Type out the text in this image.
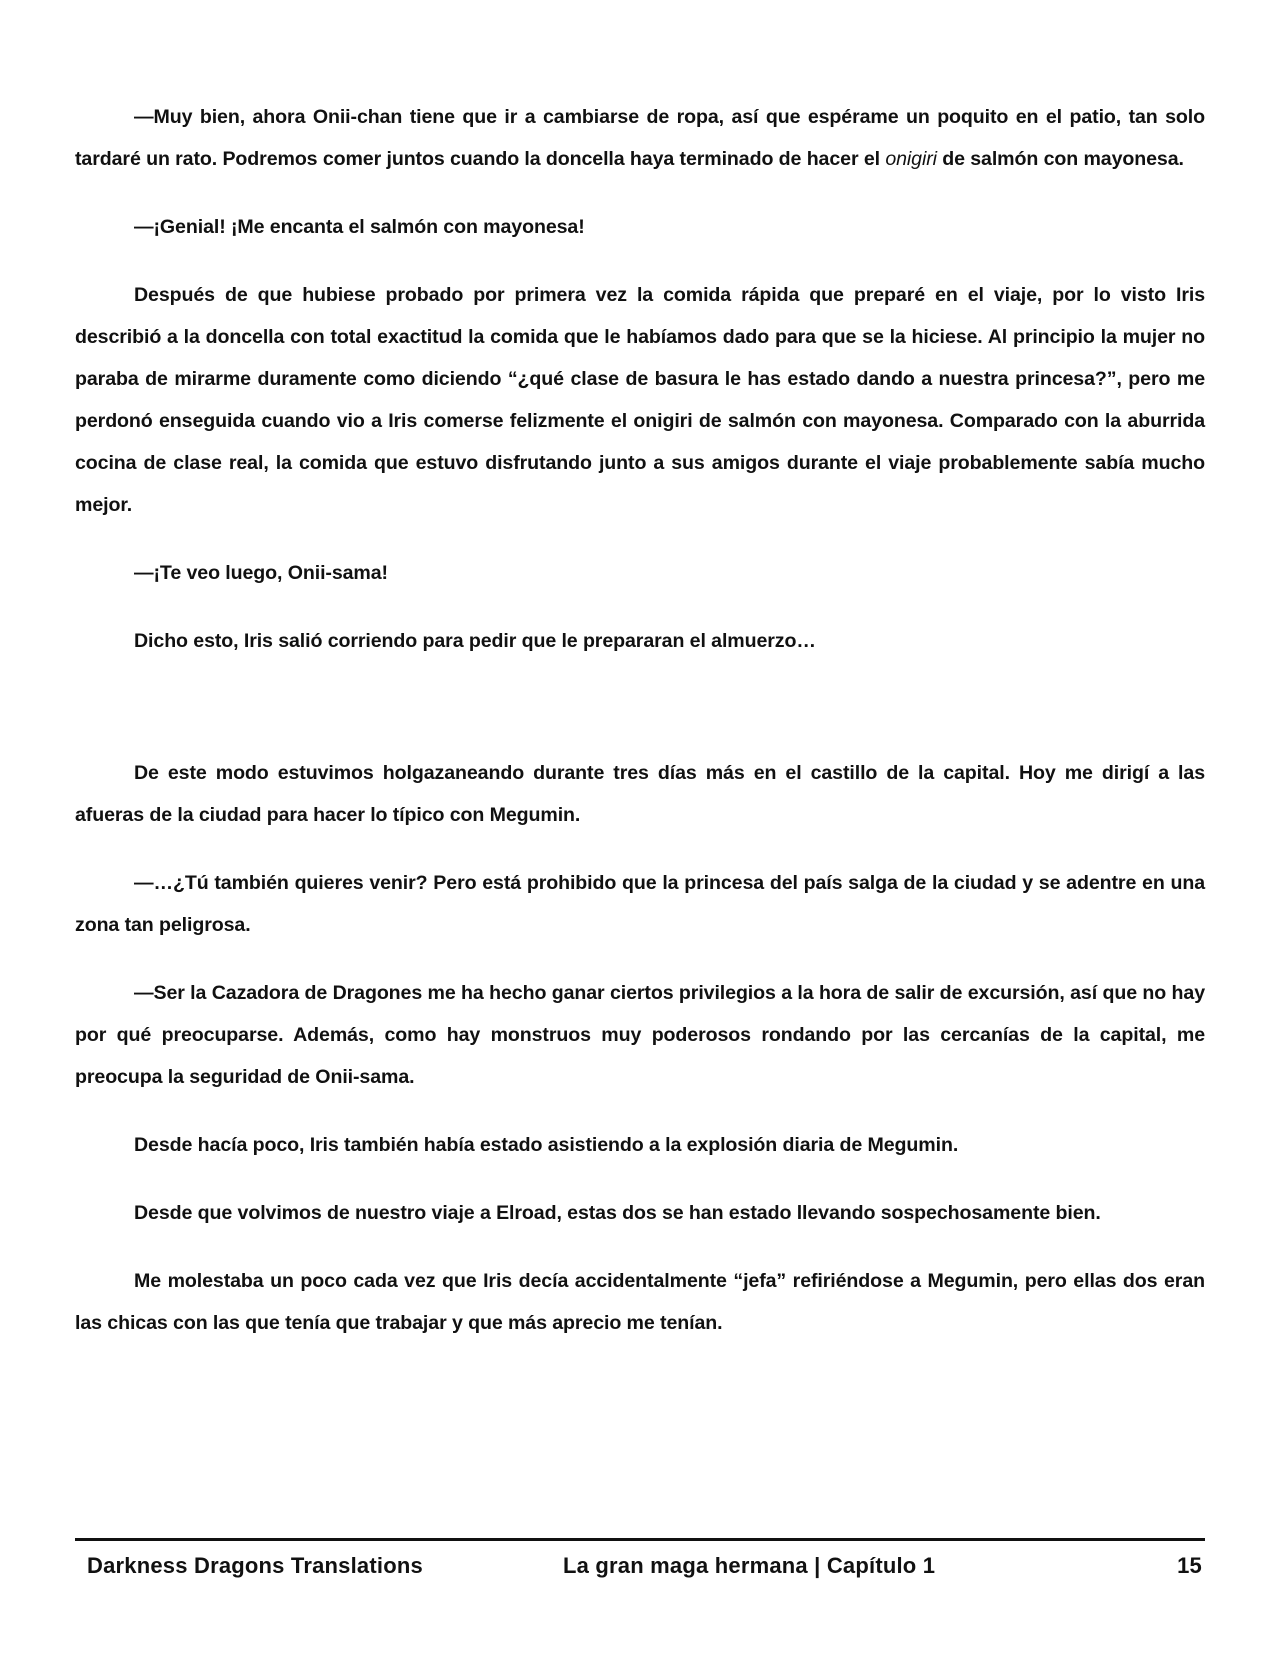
—Muy bien, ahora Onii-chan tiene que ir a cambiarse de ropa, así que espérame un poquito en el patio, tan solo tardaré un rato. Podremos comer juntos cuando la doncella haya terminado de hacer el onigiri de salmón con mayonesa.

—¡Genial! ¡Me encanta el salmón con mayonesa!

Después de que hubiese probado por primera vez la comida rápida que preparé en el viaje, por lo visto Iris describió a la doncella con total exactitud la comida que le habíamos dado para que se la hiciese. Al principio la mujer no paraba de mirarme duramente como diciendo “¿qué clase de basura le has estado dando a nuestra princesa?”, pero me perdonó enseguida cuando vio a Iris comerse felizmente el onigiri de salmón con mayonesa. Comparado con la aburrida cocina de clase real, la comida que estuvo disfrutando junto a sus amigos durante el viaje probablemente sabía mucho mejor.

—¡Te veo luego, Onii-sama!

Dicho esto, Iris salió corriendo para pedir que le prepararan el almuerzo…

De este modo estuvimos holgazaneando durante tres días más en el castillo de la capital. Hoy me dirigí a las afueras de la ciudad para hacer lo típico con Megumin.

—…¿Tú también quieres venir? Pero está prohibido que la princesa del país salga de la ciudad y se adentre en una zona tan peligrosa.

—Ser la Cazadora de Dragones me ha hecho ganar ciertos privilegios a la hora de salir de excursión, así que no hay por qué preocuparse. Además, como hay monstruos muy poderosos rondando por las cercanías de la capital, me preocupa la seguridad de Onii-sama.

Desde hacía poco, Iris también había estado asistiendo a la explosión diaria de Megumin.

Desde que volvimos de nuestro viaje a Elroad, estas dos se han estado llevando sospechosamente bien.

Me molestaba un poco cada vez que Iris decía accidentalmente “jefa” refiriéndose a Megumin, pero ellas dos eran las chicas con las que tenía que trabajar y que más aprecio me tenían.

Darkness Dragons Translations	La gran maga hermana | Capítulo 1	15
